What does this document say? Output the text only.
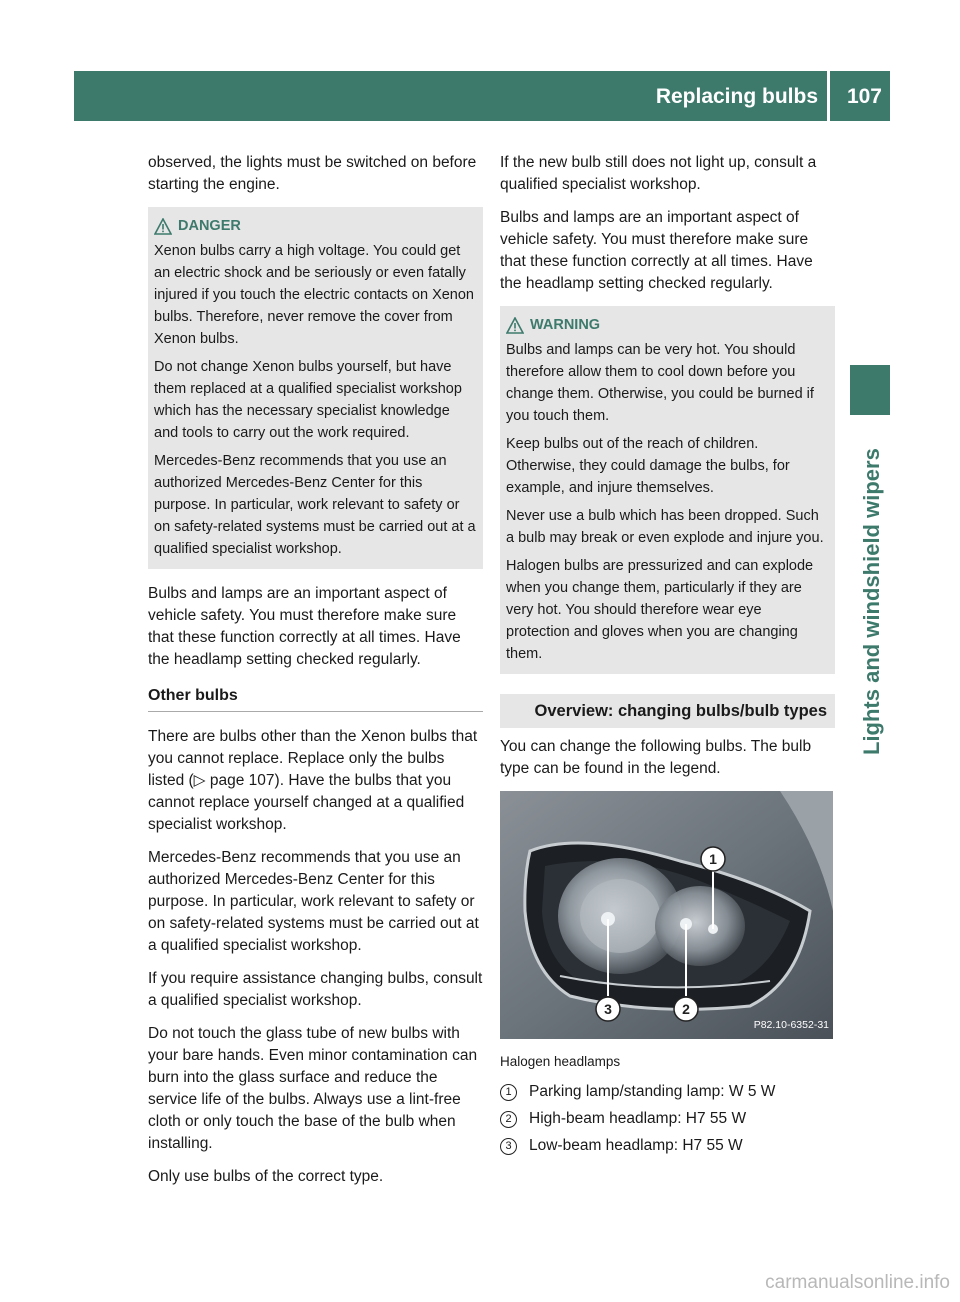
Replacing bulbs 107
Lights and windshield wipers

observed, the lights must be switched on before starting the engine.

DANGER

Xenon bulbs carry a high voltage. You could get an electric shock and be seriously or even fatally injured if you touch the electric contacts on Xenon bulbs. Therefore, never remove the cover from Xenon bulbs.

Do not change Xenon bulbs yourself, but have them replaced at a qualified specialist workshop which has the necessary specialist knowledge and tools to carry out the work required.

Mercedes-Benz recommends that you use an authorized Mercedes-Benz Center for this purpose. In particular, work relevant to safety or on safety-related systems must be carried out at a qualified specialist workshop.

Bulbs and lamps are an important aspect of vehicle safety. You must therefore make sure that these function correctly at all times. Have the headlamp setting checked regularly.

Other bulbs

There are bulbs other than the Xenon bulbs that you cannot replace. Replace only the bulbs listed (▷ page 107). Have the bulbs that you cannot replace yourself changed at a qualified specialist workshop.

Mercedes-Benz recommends that you use an authorized Mercedes-Benz Center for this purpose. In particular, work relevant to safety or on safety-related systems must be carried out at a qualified specialist workshop.

If you require assistance changing bulbs, consult a qualified specialist workshop.

Do not touch the glass tube of new bulbs with your bare hands. Even minor contamination can burn into the glass surface and reduce the service life of the bulbs. Always use a lint-free cloth or only touch the base of the bulb when installing.

Only use bulbs of the correct type.

If the new bulb still does not light up, consult a qualified specialist workshop.

Bulbs and lamps are an important aspect of vehicle safety. You must therefore make sure that these function correctly at all times. Have the headlamp setting checked regularly.

WARNING

Bulbs and lamps can be very hot. You should therefore allow them to cool down before you change them. Otherwise, you could be burned if you touch them.

Keep bulbs out of the reach of children. Otherwise, they could damage the bulbs, for example, and injure themselves.

Never use a bulb which has been dropped. Such a bulb may break or even explode and injure you.

Halogen bulbs are pressurized and can explode when you change them, particularly if they are very hot. You should therefore wear eye protection and gloves when you are changing them.

Overview: changing bulbs/bulb types

You can change the following bulbs. The bulb type can be found in the legend.

1
2
3
P82.10-6352-31
Halogen headlamps
1	Parking lamp/standing lamp: W 5 W
2	High-beam headlamp: H7 55 W
3	Low-beam headlamp: H7 55 W
carmanualsonline.info
